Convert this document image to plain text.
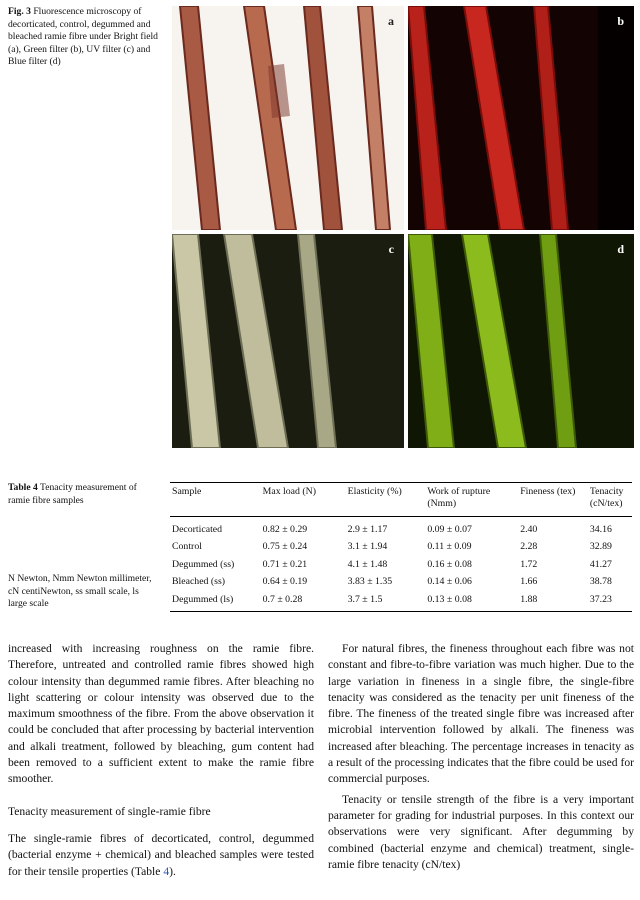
Fig. 3 Fluorescence microscopy of decorticated, control, degummed and bleached ramie fibre under Bright field (a), Green filter (b), UV filter (c) and Blue filter (d)
a	b
c	d
Table 4 Tenacity measurement of ramie fibre samples
N Newton, Nmm Newton millimeter, cN centiNewton, ss small scale, ls large scale
Sample	Max load (N)	Elasticity (%)	Work of rupture (Nmm)	Fineness (tex)	Tenacity (cN/tex)
Decorticated	0.82 ± 0.29	2.9 ± 1.17	0.09 ± 0.07	2.40	34.16
Control	0.75 ± 0.24	3.1 ± 1.94	0.11 ± 0.09	2.28	32.89
Degummed (ss)	0.71 ± 0.21	4.1 ± 1.48	0.16 ± 0.08	1.72	41.27
Bleached (ss)	0.64 ± 0.19	3.83 ± 1.35	0.14 ± 0.06	1.66	38.78
Degummed (ls)	0.7 ± 0.28	3.7 ± 1.5	0.13 ± 0.08	1.88	37.23

increased with increasing roughness on the ramie fibre. Therefore, untreated and controlled ramie fibres showed high colour intensity than degummed ramie fibres. After bleaching no light scattering or colour intensity was observed due to the maximum smoothness of the fibre. From the above observation it could be concluded that after processing by bacterial intervention and alkali treatment, followed by bleaching, gum content had been removed to a sufficient extent to make the ramie fibre smoother.

Tenacity measurement of single-ramie fibre

The single-ramie fibres of decorticated, control, degummed (bacterial enzyme + chemical) and bleached samples were tested for their tensile properties (Table 4).

For natural fibres, the fineness throughout each fibre was not constant and fibre-to-fibre variation was much higher. Due to the large variation in fineness in a single fibre, the single-fibre tenacity was considered as the tenacity per unit fineness of the fibre. The fineness of the treated single fibre was increased after microbial intervention followed by alkali. The fineness was increased after bleaching. The percentage increases in tenacity as a result of the processing indicates that the fibre could be used for commercial purposes.

Tenacity or tensile strength of the fibre is a very important parameter for grading for industrial purposes. In this context our observations were very significant. After degumming by combined (bacterial enzyme and chemical) treatment, single-ramie fibre tenacity (cN/tex)
